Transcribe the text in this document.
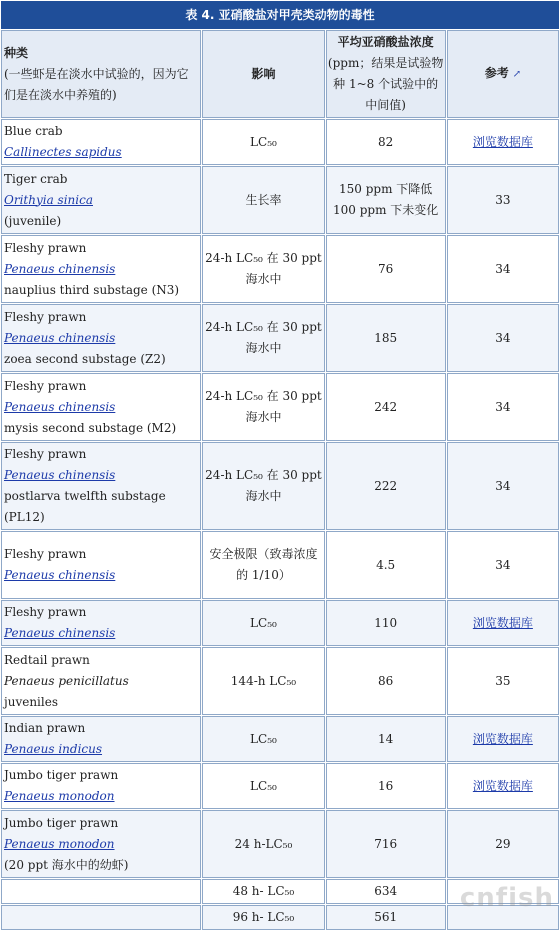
表 4. 亚硝酸盐对甲壳类动物的毒性			

种类
(一些虾是在淡水中试验的，因为它们是在淡水中养殖的)	影响	平均亚硝酸盐浓度
(ppm；结果是试验物种 1~8 个试验中的中间值)	参考 ↗

Blue crab
Callinectes sapidus	LC₅₀	82	浏览数据库

Tiger crab
Orithyia sinica
(juvenile)	生长率	150 ppm 下降低 100 ppm 下未变化	33

Fleshy prawn
Penaeus chinensis
nauplius third substage (N3)	24-h LC₅₀ 在 30 ppt 海水中	76	34

Fleshy prawn
Penaeus chinensis
zoea second substage (Z2)	24-h LC₅₀ 在 30 ppt 海水中	185	34

Fleshy prawn
Penaeus chinensis
mysis second substage (M2)	24-h LC₅₀ 在 30 ppt 海水中	242	34

Fleshy prawn
Penaeus chinensis
postlarva twelfth substage (PL12)	24-h LC₅₀ 在 30 ppt 海水中	222	34

Fleshy prawn
Penaeus chinensis	安全极限（致毒浓度的 1/10）	4.5	34

Fleshy prawn
Penaeus chinensis	LC₅₀	110	浏览数据库

Redtail prawn
Penaeus penicillatus
juveniles	144-h LC₅₀	86	35

Indian prawn
Penaeus indicus	LC₅₀	14	浏览数据库

Jumbo tiger prawn
Penaeus monodon	LC₅₀	16	浏览数据库

Jumbo tiger prawn
Penaeus monodon
(20 ppt 海水中的幼虾)	24 h-LC₅₀	716	29

	48 h- LC₅₀	634	

	96 h- LC₅₀	561	
cnfish
